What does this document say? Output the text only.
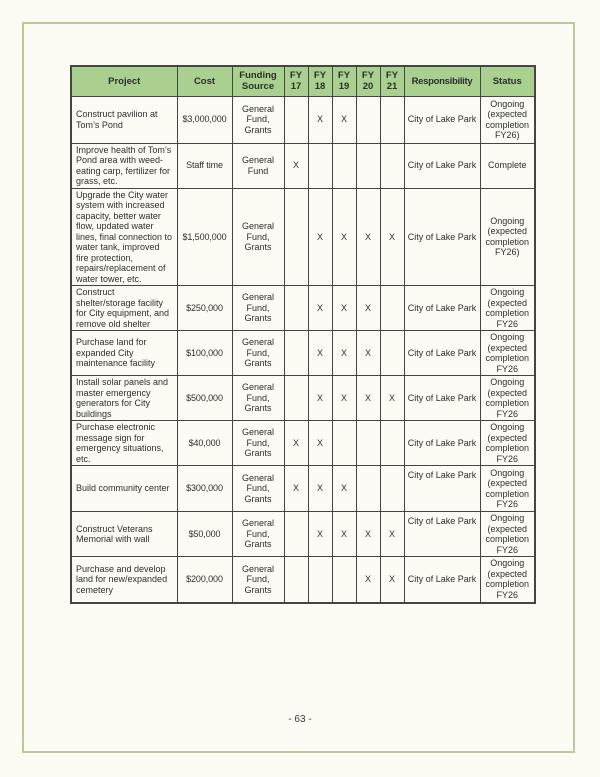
Project	Cost	Funding Source	FY 17	FY 18	FY 19	FY 20	FY 21	Responsibility	Status
Construct pavilion at Tom’s Pond	$3,000,000	General Fund, Grants		X	X			City of Lake Park	Ongoing (expected completion FY26)
Improve health of Tom’s Pond area with weed-eating carp, fertilizer for grass, etc.	Staff time	General Fund	X					City of Lake Park	Complete
Upgrade the City water system with increased capacity, better water flow, updated water lines, final connection to water tank, improved fire protection, repairs/replacement of water tower, etc.	$1,500,000	General Fund, Grants		X	X	X	X	City of Lake Park	Ongoing (expected completion FY26)
Construct shelter/storage facility for City equipment, and remove old shelter	$250,000	General Fund, Grants		X	X	X		City of Lake Park	Ongoing (expected completion FY26
Purchase land for expanded City maintenance facility	$100,000	General Fund, Grants		X	X	X		City of Lake Park	Ongoing (expected completion FY26
Install solar panels and master emergency generators for City buildings	$500,000	General Fund, Grants		X	X	X	X	City of Lake Park	Ongoing (expected completion FY26
Purchase electronic message sign for emergency situations, etc.	$40,000	General Fund, Grants	X	X				City of Lake Park	Ongoing (expected completion FY26
Build community center	$300,000	General Fund, Grants	X	X	X			City of Lake Park	Ongoing (expected completion FY26
Construct Veterans Memorial with wall	$50,000	General Fund, Grants		X	X	X	X	City of Lake Park	Ongoing (expected completion FY26
Purchase and develop land for new/expanded cemetery	$200,000	General Fund, Grants				X	X	City of Lake Park	Ongoing (expected completion FY26
- 63 -
